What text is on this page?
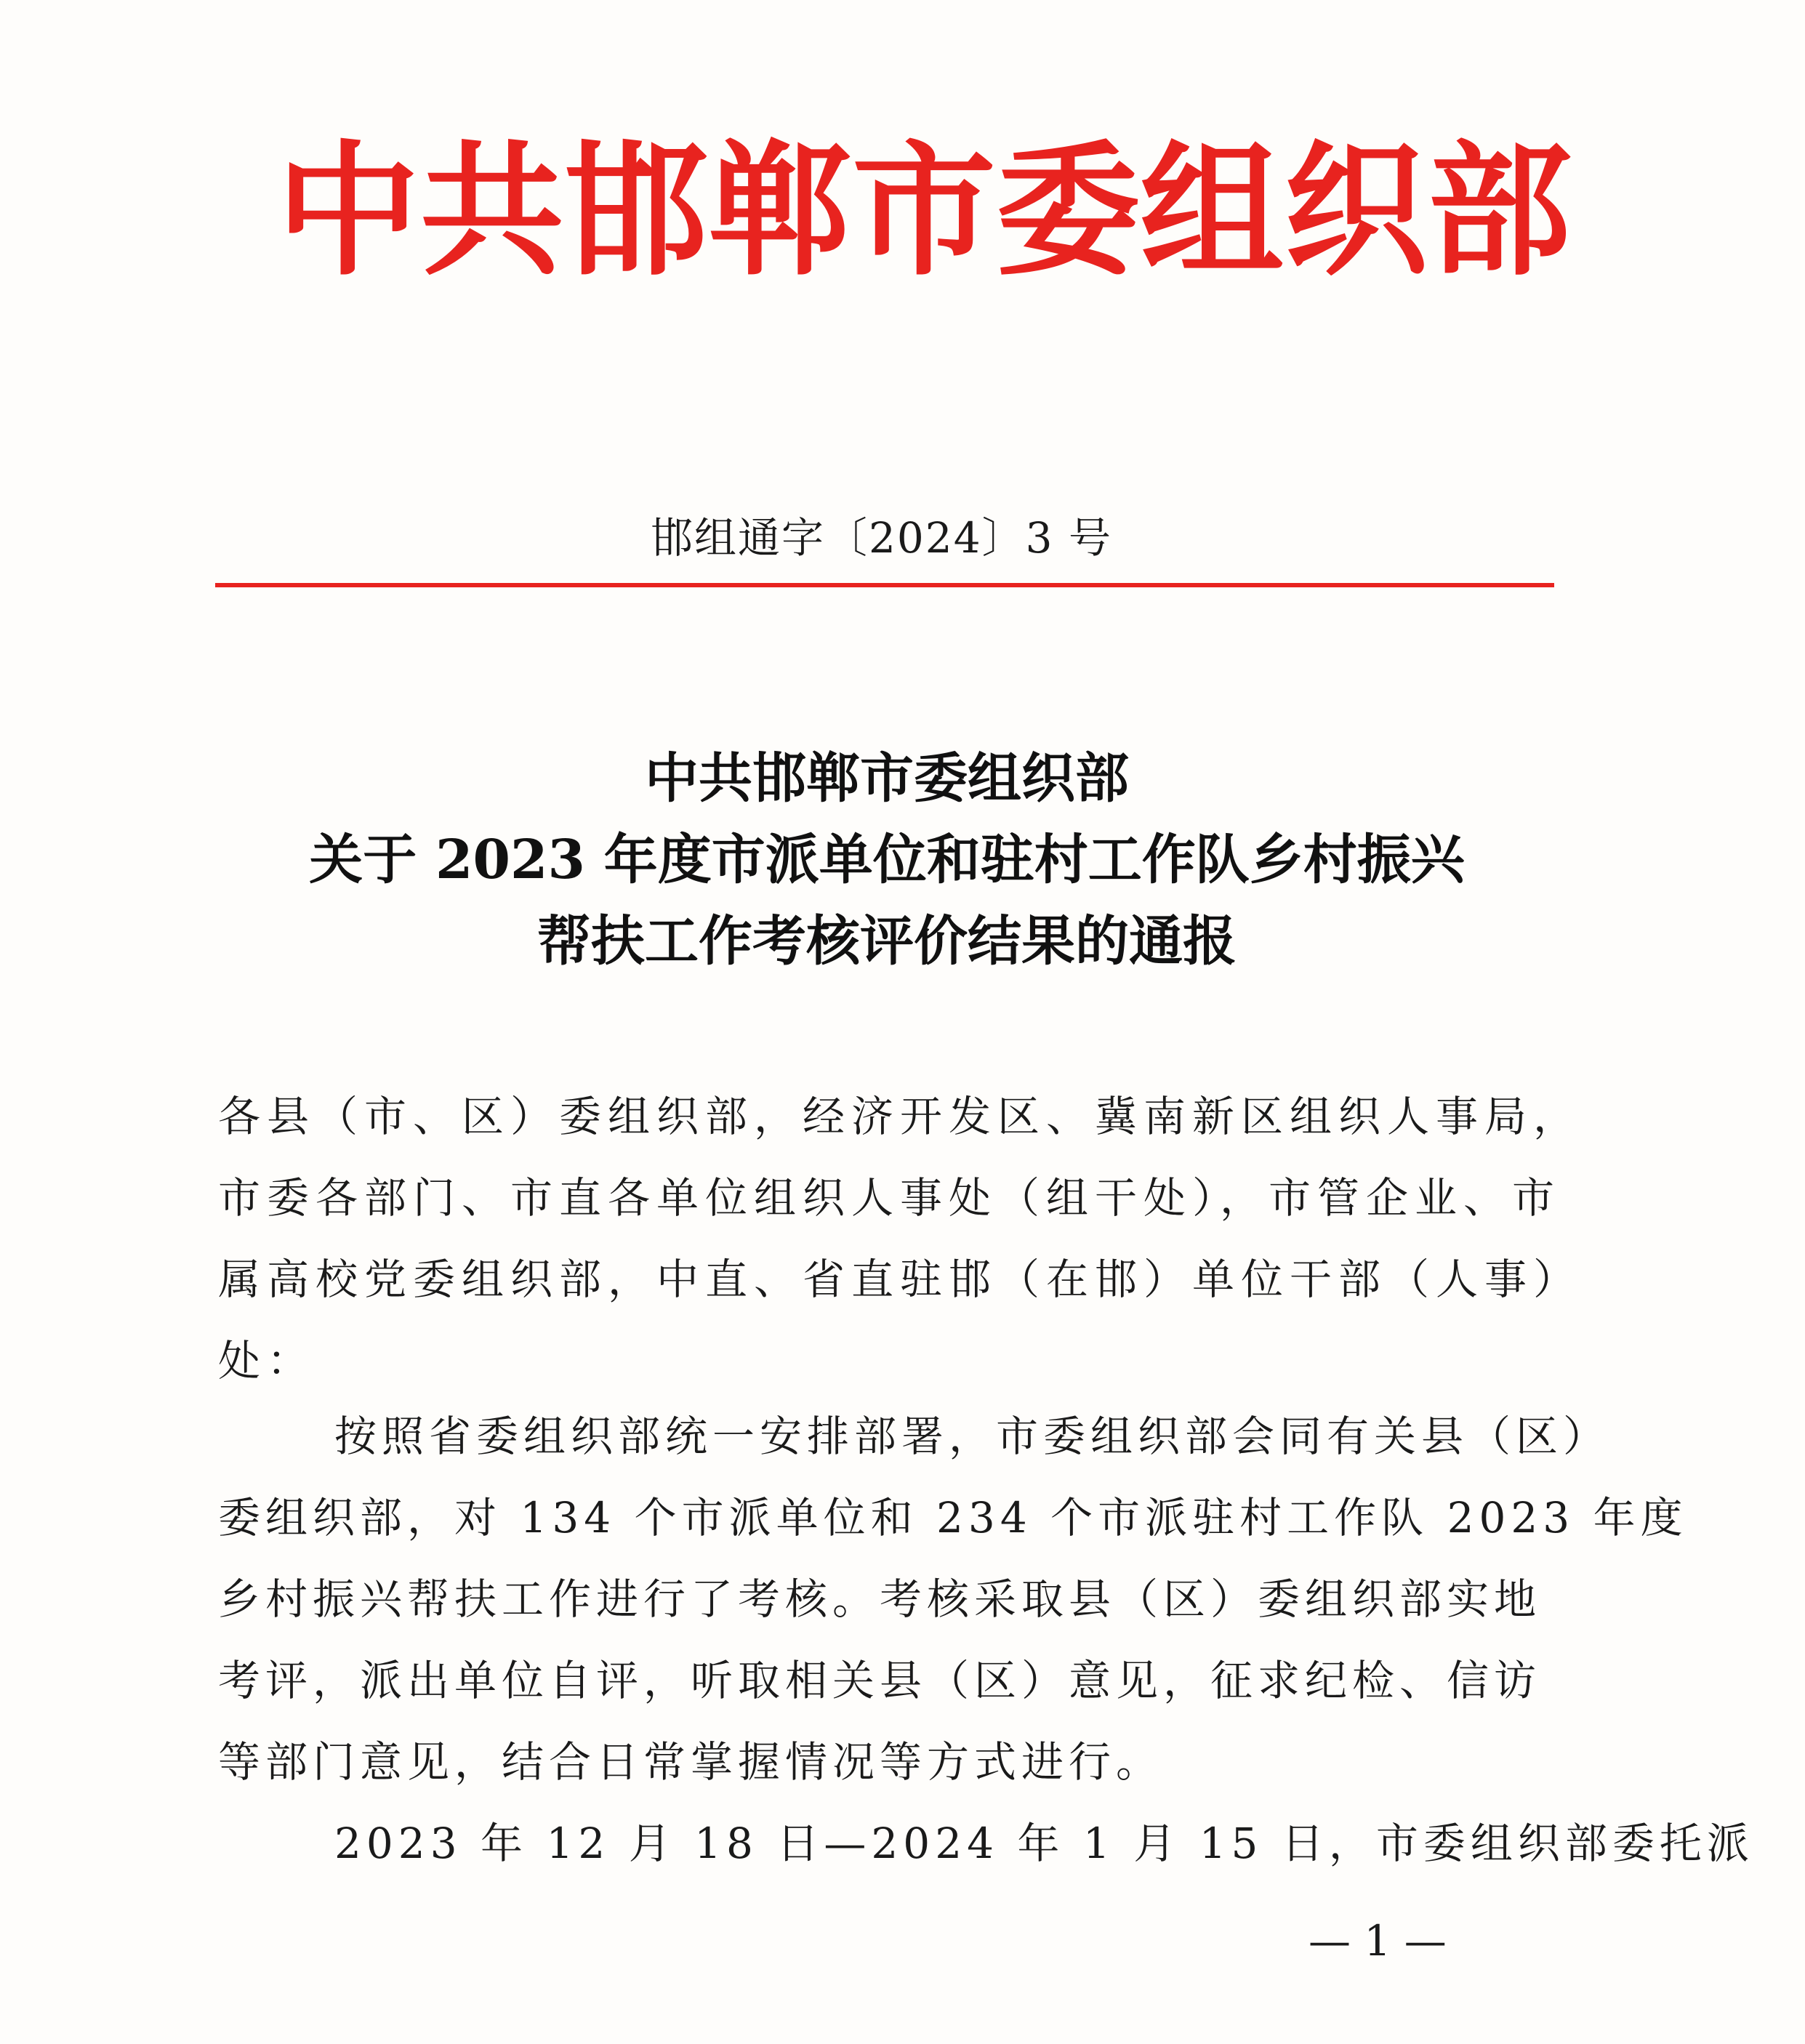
中共邯郸市委组织部
邯组通字〔2024〕3 号
中共邯郸市委组织部
关于 2023 年度市派单位和驻村工作队乡村振兴
帮扶工作考核评价结果的通报

各县（市、区）委组织部，经济开发区、冀南新区组织人事局，

市委各部门、市直各单位组织人事处（组干处），市管企业、市

属高校党委组织部，中直、省直驻邯（在邯）单位干部（人事）

处：

按照省委组织部统一安排部署，市委组织部会同有关县（区）

委组织部，对 134 个市派单位和 234 个市派驻村工作队 2023 年度

乡村振兴帮扶工作进行了考核。考核采取县（区）委组织部实地

考评，派出单位自评，听取相关县（区）意见，征求纪检、信访

等部门意见，结合日常掌握情况等方式进行。

2023 年 12 月 18 日—2024 年 1 月 15 日，市委组织部委托派

— 1 —
